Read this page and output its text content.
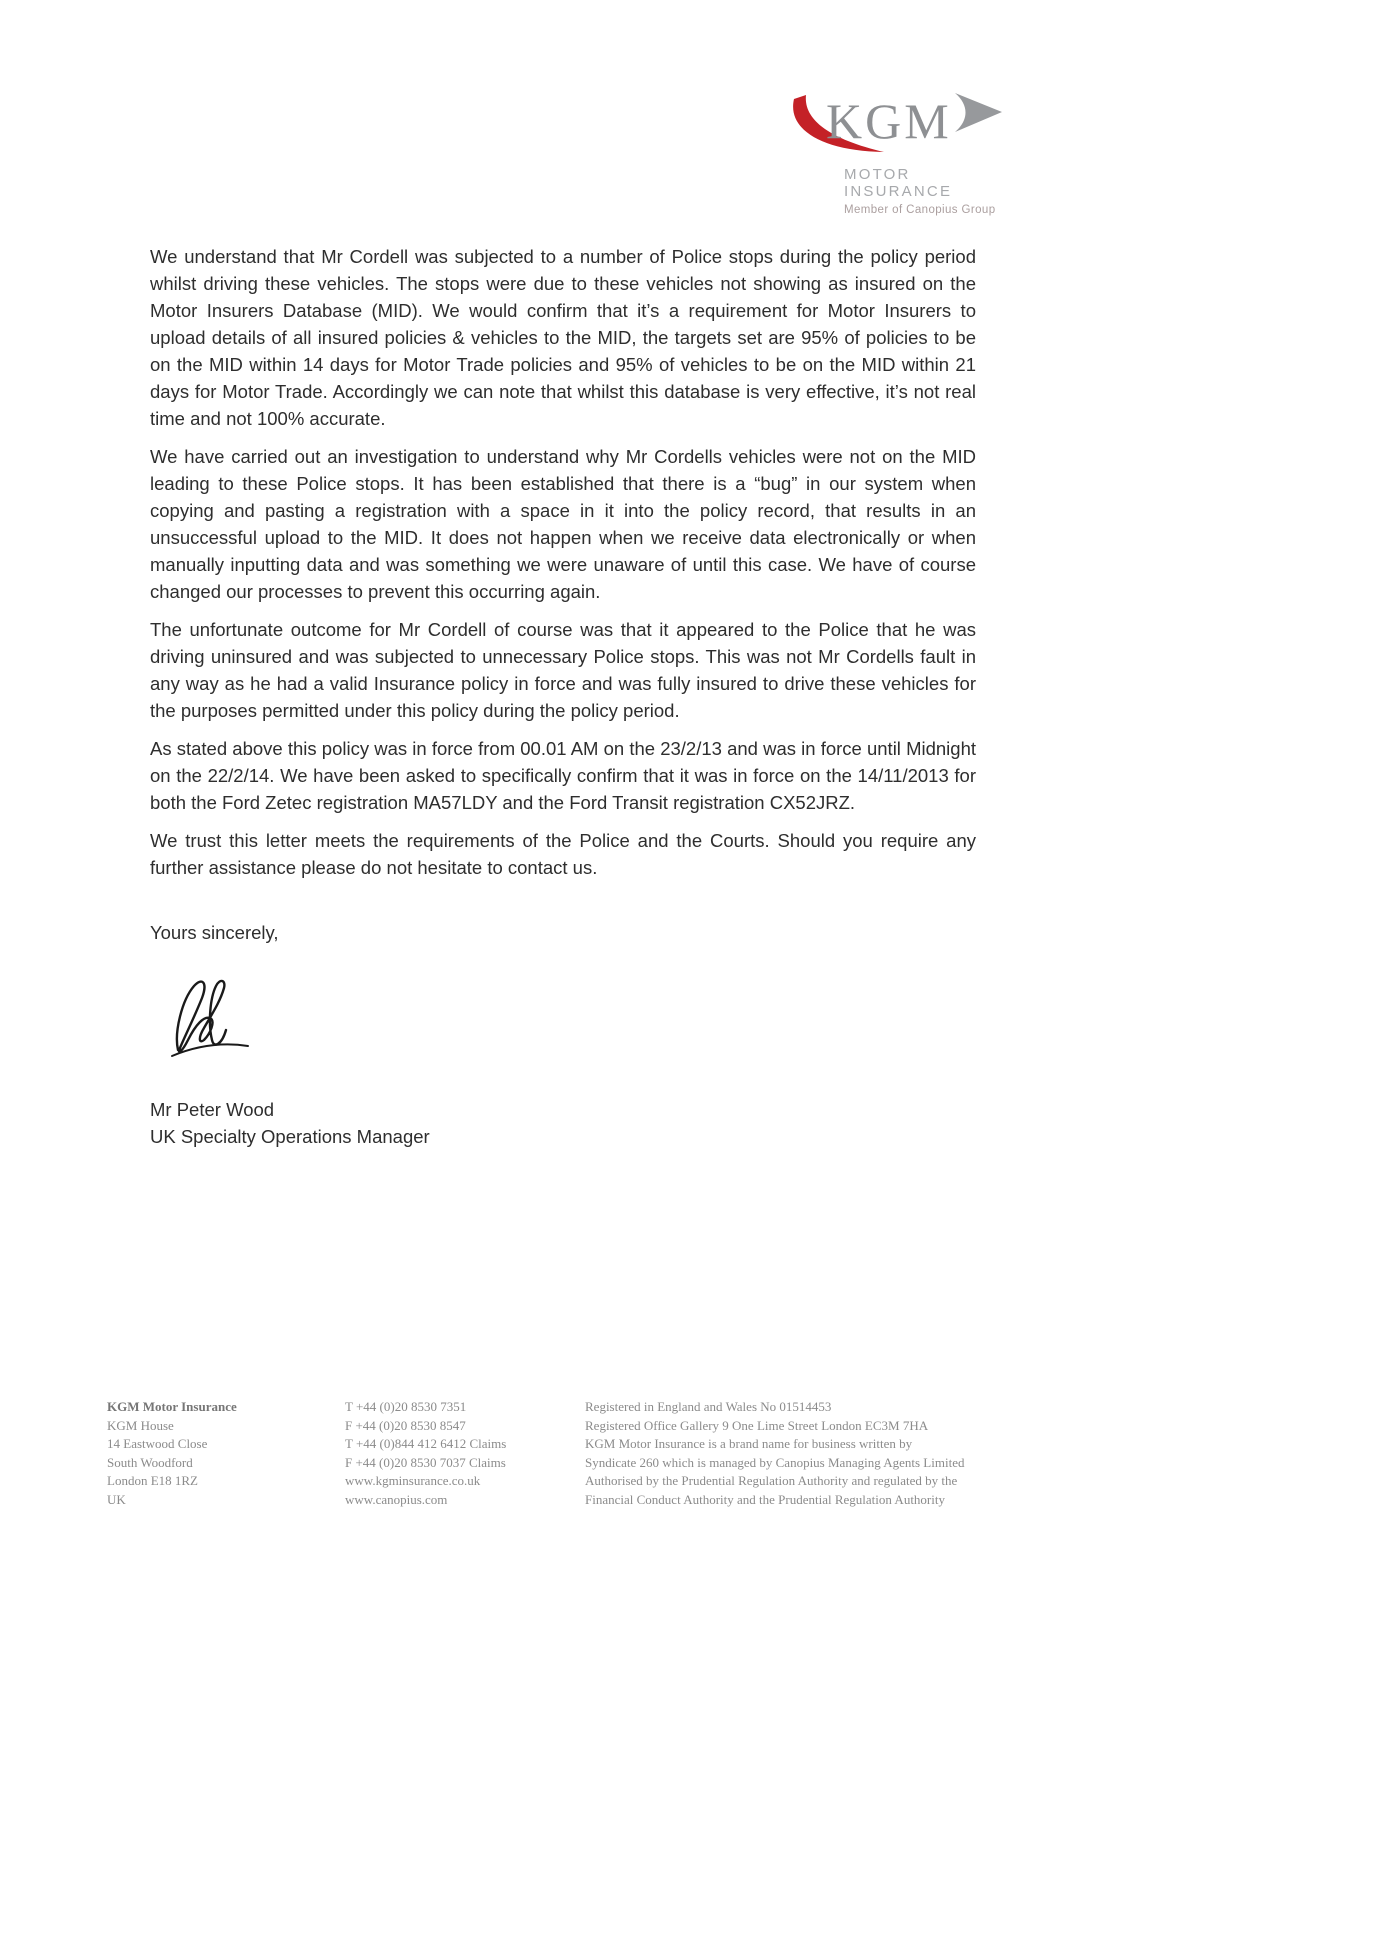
KGM
MOTOR INSURANCE
Member of Canopius Group

We understand that Mr Cordell was subjected to a number of Police stops during the policy period whilst driving these vehicles. The stops were due to these vehicles not showing as insured on the Motor Insurers Database (MID). We would confirm that it’s a requirement for Motor Insurers to upload details of all insured policies & vehicles to the MID, the targets set are 95% of policies to be on the MID within 14 days for Motor Trade policies and 95% of vehicles to be on the MID within 21 days for Motor Trade. Accordingly we can note that whilst this database is very effective, it’s not real time and not 100% accurate.

We have carried out an investigation to understand why Mr Cordells vehicles were not on the MID leading to these Police stops. It has been established that there is a “bug” in our system when copying and pasting a registration with a space in it into the policy record, that results in an unsuccessful upload to the MID. It does not happen when we receive data electronically or when manually inputting data and was something we were unaware of until this case. We have of course changed our processes to prevent this occurring again.

The unfortunate outcome for Mr Cordell of course was that it appeared to the Police that he was driving uninsured and was subjected to unnecessary Police stops. This was not Mr Cordells fault in any way as he had a valid Insurance policy in force and was fully insured to drive these vehicles for the purposes permitted under this policy during the policy period.

As stated above this policy was in force from 00.01 AM on the 23/2/13 and was in force until Midnight on the 22/2/14. We have been asked to specifically confirm that it was in force on the 14/11/2013 for both the Ford Zetec registration MA57LDY and the Ford Transit registration CX52JRZ.

We trust this letter meets the requirements of the Police and the Courts. Should you require any further assistance please do not hesitate to contact us.

Yours sincerely,
Mr Peter Wood
UK Specialty Operations Manager
KGM Motor Insurance
KGM House
14 Eastwood Close
South Woodford
London E18 1RZ
UK
T +44 (0)20 8530 7351
F +44 (0)20 8530 8547
T +44 (0)844 412 6412 Claims
F +44 (0)20 8530 7037 Claims
www.kgminsurance.co.uk
www.canopius.com
Registered in England and Wales No 01514453
Registered Office Gallery 9 One Lime Street London EC3M 7HA
KGM Motor Insurance is a brand name for business written by
Syndicate 260 which is managed by Canopius Managing Agents Limited
Authorised by the Prudential Regulation Authority and regulated by the
Financial Conduct Authority and the Prudential Regulation Authority
